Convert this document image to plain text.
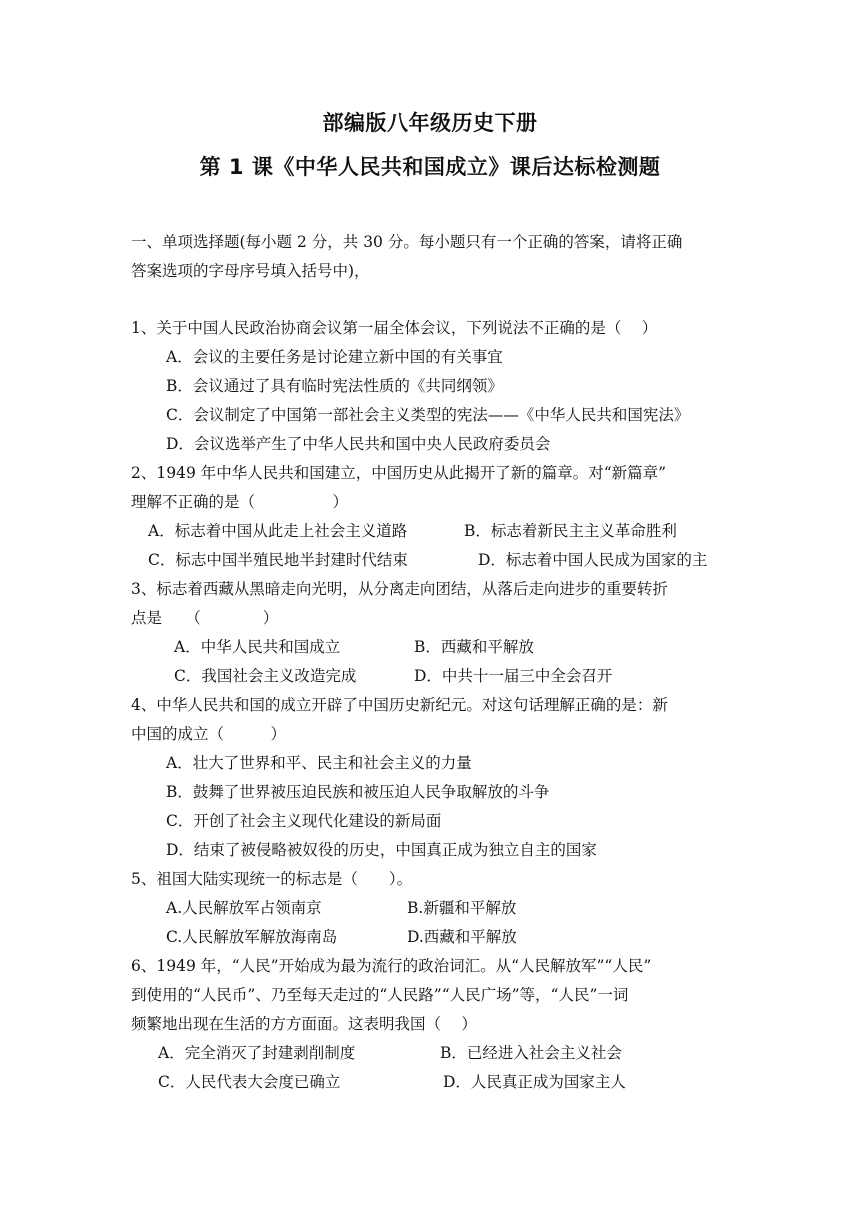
部编版八年级历史下册
第 1 课《中华人民共和国成立》课后达标检测题
一、单项选择题(每小题 2 分，共 30 分。每小题只有一个正确的答案，请将正确
答案选项的字母序号填入括号中)，
1、关于中国人民政治协商会议第一届全体会议，下列说法不正确的是（　 ）
A．会议的主要任务是讨论建立新中国的有关事宜
B．会议通过了具有临时宪法性质的《共同纲领》
C．会议制定了中国第一部社会主义类型的宪法——《中华人民共和国宪法》
D．会议选举产生了中华人民共和国中央人民政府委员会
2、1949 年中华人民共和国建立，中国历史从此揭开了新的篇章。对“新篇章”
理解不正确的是（　　　　　）
A．标志着中国从此走上社会主义道路	B．标志着新民主主义革命胜利
C．标志中国半殖民地半封建时代结束	D．标志着中国人民成为国家的主
3、标志着西藏从黑暗走向光明，从分离走向团结，从落后走向进步的重要转折
点是　　（　　　　）
A．中华人民共和国成立	B．西藏和平解放
C．我国社会主义改造完成	D．中共十一届三中全会召开
4、中华人民共和国的成立开辟了中国历史新纪元。对这句话理解正确的是：新
中国的成立（　　　）
A．壮大了世界和平、民主和社会主义的力量
B．鼓舞了世界被压迫民族和被压迫人民争取解放的斗争
C．开创了社会主义现代化建设的新局面
D．结束了被侵略被奴役的历史，中国真正成为独立自主的国家
5、祖国大陆实现统一的标志是（　　）。
A.人民解放军占领南京	B.新疆和平解放
C.人民解放军解放海南岛	D.西藏和平解放
6、1949 年，“人民”开始成为最为流行的政治词汇。从“人民解放军”“人民”
到使用的“人民币”、乃至每天走过的“人民路”“人民广场”等，“人民”一词
频繁地出现在生活的方方面面。这表明我国（　 ）
A．完全消灭了封建剥削制度	B．已经进入社会主义社会
C．人民代表大会度已确立	D．人民真正成为国家主人
